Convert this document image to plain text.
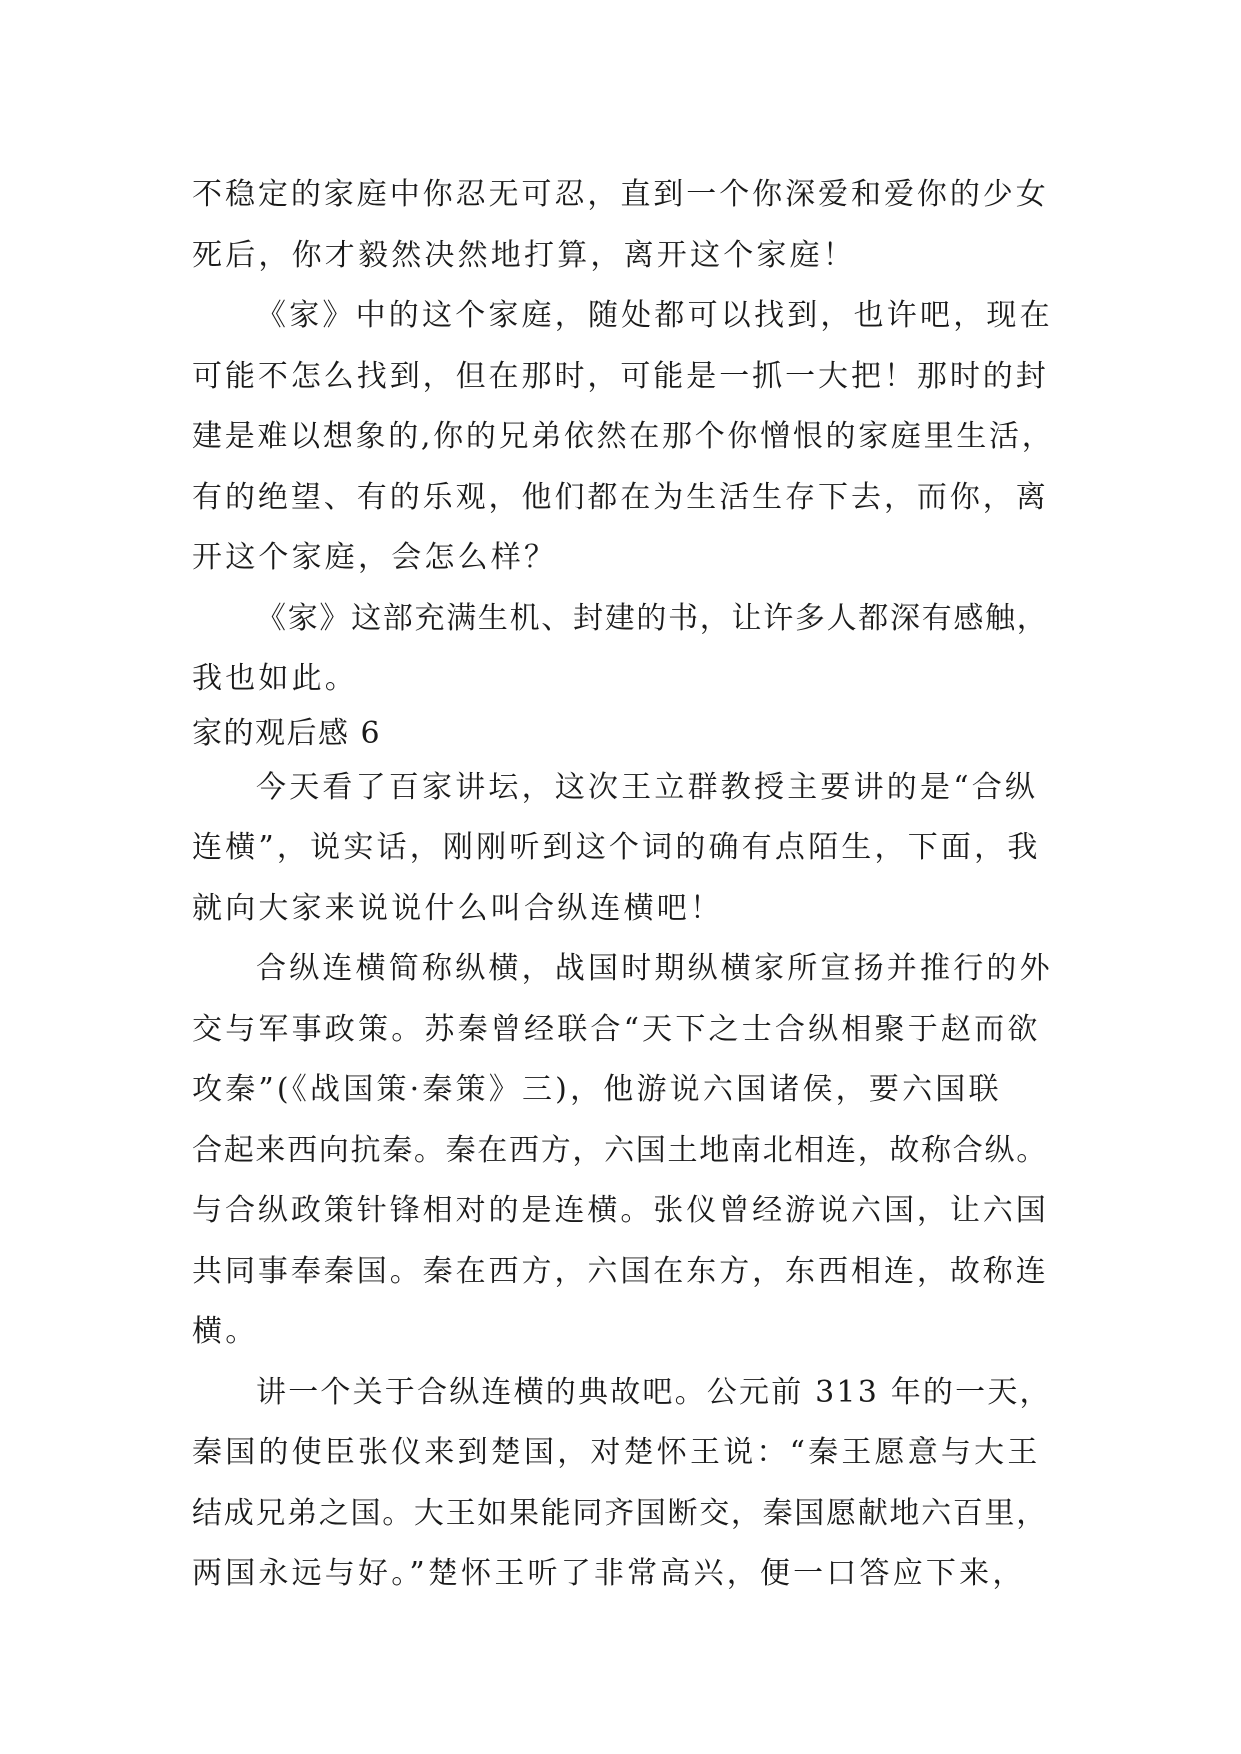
不稳定的家庭中你忍无可忍，直到一个你深爱和爱你的少女
死后，你才毅然决然地打算，离开这个家庭！
《家》中的这个家庭，随处都可以找到，也许吧，现在
可能不怎么找到，但在那时，可能是一抓一大把！那时的封
建是难以想象的,你的兄弟依然在那个你憎恨的家庭里生活，
有的绝望、有的乐观，他们都在为生活生存下去，而你，离
开这个家庭，会怎么样？
《家》这部充满生机、封建的书，让许多人都深有感触，
我也如此。
家的观后感 6
今天看了百家讲坛，这次王立群教授主要讲的是“合纵
连横”，说实话，刚刚听到这个词的确有点陌生，下面，我
就向大家来说说什么叫合纵连横吧！
合纵连横简称纵横，战国时期纵横家所宣扬并推行的外
交与军事政策。苏秦曾经联合“天下之士合纵相聚于赵而欲
攻秦”(《战国策·秦策》三)，他游说六国诸侯，要六国联
合起来西向抗秦。秦在西方，六国土地南北相连，故称合纵。
与合纵政策针锋相对的是连横。张仪曾经游说六国，让六国
共同事奉秦国。秦在西方，六国在东方，东西相连，故称连
横。
讲一个关于合纵连横的典故吧。公元前 313 年的一天，
秦国的使臣张仪来到楚国，对楚怀王说：“秦王愿意与大王
结成兄弟之国。大王如果能同齐国断交，秦国愿献地六百里，
两国永远与好。”楚怀王听了非常高兴，便一口答应下来，
